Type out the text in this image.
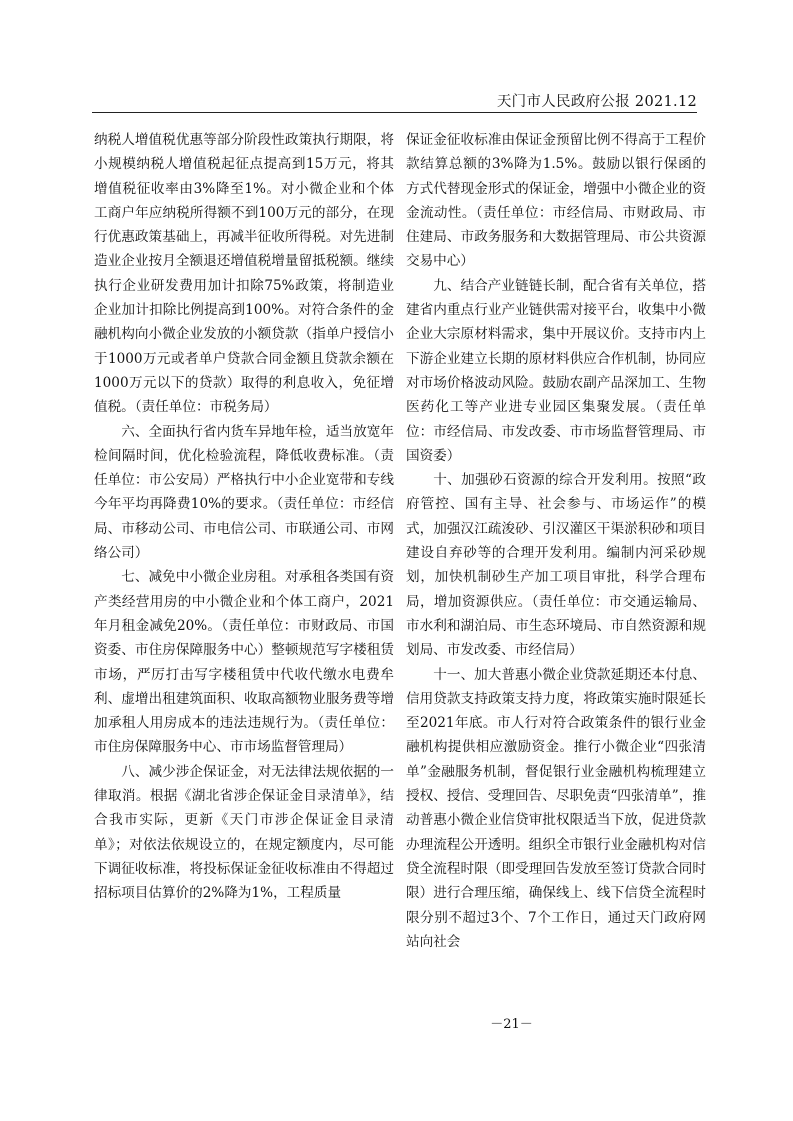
天门市人民政府公报 2021.12

纳税人增值税优惠等部分阶段性政策执行期限，将小规模纳税人增值税起征点提高到15万元，将其增值税征收率由3%降至1%。对小微企业和个体工商户年应纳税所得额不到100万元的部分，在现行优惠政策基础上，再减半征收所得税。对先进制造业企业按月全额退还增值税增量留抵税额。继续执行企业研发费用加计扣除75%政策，将制造业企业加计扣除比例提高到100%。对符合条件的金融机构向小微企业发放的小额贷款（指单户授信小于1000万元或者单户贷款合同金额且贷款余额在1000万元以下的贷款）取得的利息收入，免征增值税。（责任单位：市税务局）

六、全面执行省内货车异地年检，适当放宽年检间隔时间，优化检验流程，降低收费标准。（责任单位：市公安局）严格执行中小企业宽带和专线今年平均再降费10%的要求。（责任单位：市经信局、市移动公司、市电信公司、市联通公司、市网络公司）

七、减免中小微企业房租。对承租各类国有资产类经营用房的中小微企业和个体工商户，2021年月租金减免20%。（责任单位：市财政局、市国资委、市住房保障服务中心）整顿规范写字楼租赁市场，严厉打击写字楼租赁中代收代缴水电费牟利、虚增出租建筑面积、收取高额物业服务费等增加承租人用房成本的违法违规行为。（责任单位：市住房保障服务中心、市市场监督管理局）

八、减少涉企保证金，对无法律法规依据的一律取消。根据《湖北省涉企保证金目录清单》，结合我市实际，更新《天门市涉企保证金目录清单》；对依法依规设立的，在规定额度内，尽可能下调征收标准，将投标保证金征收标准由不得超过招标项目估算价的2%降为1%，工程质量

保证金征收标准由保证金预留比例不得高于工程价款结算总额的3%降为1.5%。鼓励以银行保函的方式代替现金形式的保证金，增强中小微企业的资金流动性。（责任单位：市经信局、市财政局、市住建局、市政务服务和大数据管理局、市公共资源交易中心）

九、结合产业链链长制，配合省有关单位，搭建省内重点行业产业链供需对接平台，收集中小微企业大宗原材料需求，集中开展议价。支持市内上下游企业建立长期的原材料供应合作机制，协同应对市场价格波动风险。鼓励农副产品深加工、生物医药化工等产业进专业园区集聚发展。（责任单位：市经信局、市发改委、市市场监督管理局、市国资委）

十、加强砂石资源的综合开发利用。按照“政府管控、国有主导、社会参与、市场运作”的模式，加强汉江疏浚砂、引汉灌区干渠淤积砂和项目建设自弃砂等的合理开发利用。编制内河采砂规划，加快机制砂生产加工项目审批，科学合理布局，增加资源供应。（责任单位：市交通运输局、市水利和湖泊局、市生态环境局、市自然资源和规划局、市发改委、市经信局）

十一、加大普惠小微企业贷款延期还本付息、信用贷款支持政策支持力度，将政策实施时限延长至2021年底。市人行对符合政策条件的银行业金融机构提供相应激励资金。推行小微企业“四张清单”金融服务机制，督促银行业金融机构梳理建立授权、授信、受理回告、尽职免责“四张清单”，推动普惠小微企业信贷审批权限适当下放，促进贷款办理流程公开透明。组织全市银行业金融机构对信贷全流程时限（即受理回告发放至签订贷款合同时限）进行合理压缩，确保线上、线下信贷全流程时限分别不超过3个、7个工作日，通过天门政府网站向社会

－21－
